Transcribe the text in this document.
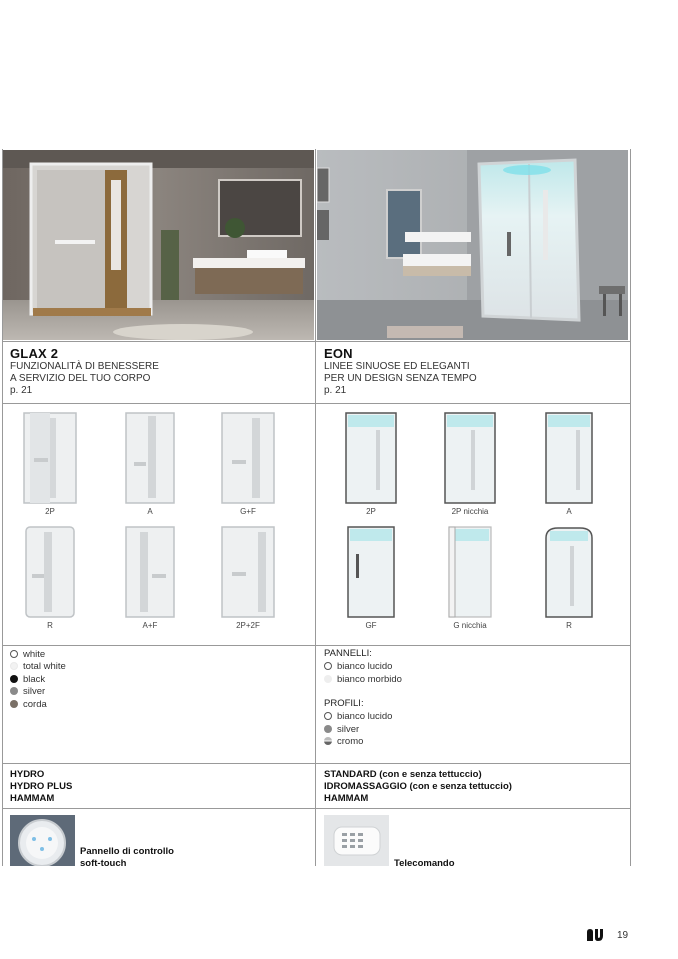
GLAX 2
FUNZIONALITÀ DI BENESSERE
A SERVIZIO DEL TUO CORPO
p. 21
EON
LINEE SINUOSE ED ELEGANTI
PER UN DESIGN SENZA TEMPO
p. 21
2P	A	G+F
R	A+F	2P+2F
2P	2P nicchia	A
GF	G nicchia	R
white
total white
black
silver
corda
PANNELLI:
bianco lucido
bianco morbido
PROFILI:
bianco lucido
silver
cromo
HYDRO
HYDRO PLUS
HAMMAM
STANDARD (con e senza tettuccio)
IDROMASSAGGIO (con e senza tettuccio)
HAMMAM
Pannello di controllo
soft-touch	Telecomando
19
